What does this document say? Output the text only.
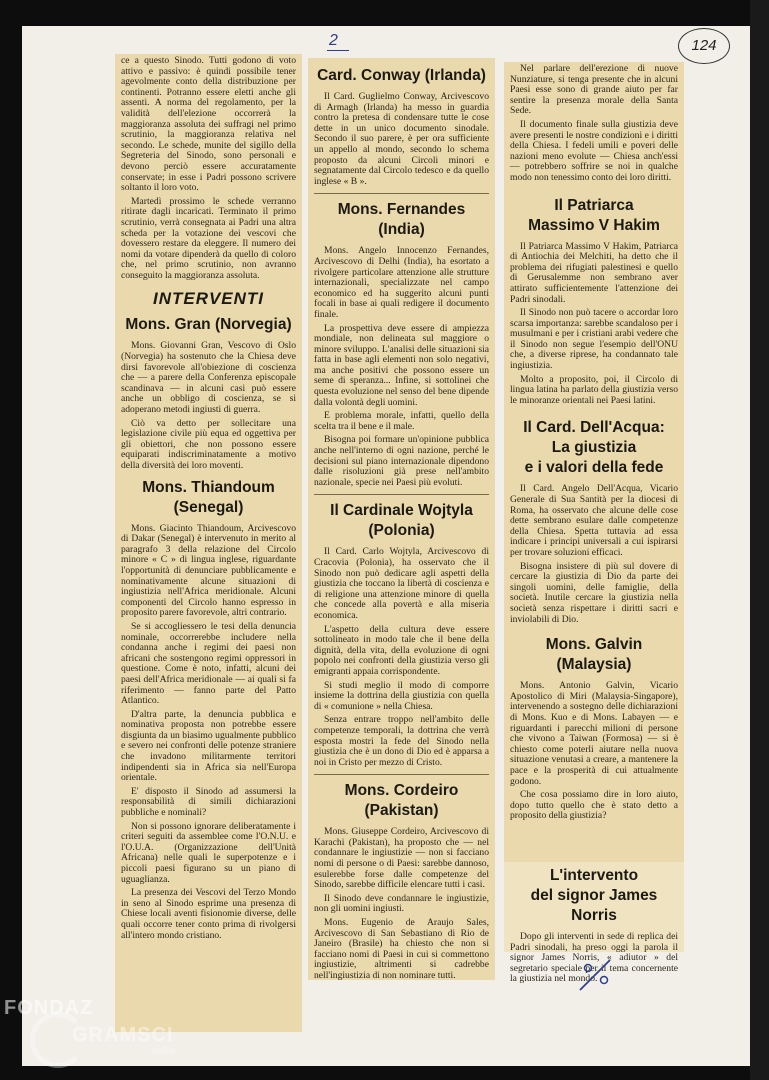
2	124

ce a questo Sinodo. Tutti godono di voto attivo e passivo: è quindi possibile tener agevolmente conto della distribuzione per continenti. Potranno essere eletti anche gli assenti. A norma del regolamento, per la validità dell'elezione occorrerà la maggioranza assoluta dei suffragi nel primo scrutinio, la maggioranza relativa nel secondo. Le schede, munite del sigillo della Segreteria del Sinodo, sono personali e devono perciò essere accuratamente conservate; in esse i Padri possono scrivere soltanto il loro voto.

Martedì prossimo le schede verranno ritirate dagli incaricati. Terminato il primo scrutinio, verrà consegnata ai Padri una altra scheda per la votazione dei vescovi che dovessero restare da eleggere. Il numero dei nomi da votare dipenderà da quello di coloro che, nel primo scrutinio, non avranno conseguito la maggioranza assoluta.

INTERVENTI
Mons. Gran (Norvegia)

Mons. Giovanni Gran, Vescovo di Oslo (Norvegia) ha sostenuto che la Chiesa deve dirsi favorevole all'obiezione di coscienza che — a parere della Conferenza episcopale scandinava — in alcuni casi può essere anche un obbligo di coscienza, se si adoperano metodi ingiusti di guerra.

Ciò va detto per sollecitare una legislazione civile più equa ed oggettiva per gli obiettori, che non possono essere equiparati indiscriminatamente a motivo della diversità dei loro moventi.

Mons. Thiandoum (Senegal)

Mons. Giacinto Thiandoum, Arcivescovo di Dakar (Senegal) è intervenuto in merito al paragrafo 3 della relazione del Circolo minore « C » di lingua inglese, riguardante l'opportunità di denunciare pubblicamente e nominativamente alcune situazioni di ingiustizia nell'Africa meridionale. Alcuni componenti del Circolo hanno espresso in proposito parere favorevole, altri contrario.

Se si accogliessero le tesi della denuncia nominale, occorrerebbe includere nella condanna anche i regimi dei paesi non africani che sostengono regimi oppressori in questione. Come è noto, infatti, alcuni dei paesi dell'Africa meridionale — ai quali si fa riferimento — fanno parte del Patto Atlantico.

D'altra parte, la denuncia pubblica e nominativa proposta non potrebbe essere disgiunta da un biasimo ugualmente pubblico e severo nei confronti delle potenze straniere che invadono militarmente territori indipendenti sia in Africa sia nell'Europa orientale.

E' disposto il Sinodo ad assumersi la responsabilità di simili dichiarazioni pubbliche e nominali?

Non si possono ignorare deliberatamente i criteri seguiti da assemblee come l'O.N.U. e l'O.U.A. (Organizzazione dell'Unità Africana) nelle quali le superpotenze e i piccoli paesi figurano su un piano di uguaglianza.

La presenza dei Vescovi del Terzo Mondo in seno al Sinodo esprime una presenza di Chiese locali aventi fisionomie diverse, delle quali occorre tener conto prima di rivolgersi all'intero mondo cristiano.

Card. Conway (Irlanda)

Il Card. Guglielmo Conway, Arcivescovo di Armagh (Irlanda) ha messo in guardia contro la pretesa di condensare tutte le cose dette in un unico documento sinodale. Secondo il suo parere, è per ora sufficiente un appello al mondo, secondo lo schema proposto da alcuni Circoli minori e segnatamente dal Circolo tedesco e da quello inglese « B ».

Mons. Fernandes (India)

Mons. Angelo Innocenzo Fernandes, Arcivescovo di Delhi (India), ha esortato a rivolgere particolare attenzione alle strutture internazionali, specializzate nel campo economico ed ha suggerito alcuni punti focali in base ai quali redigere il documento finale.

La prospettiva deve essere di ampiezza mondiale, non delineata sul maggiore o minore sviluppo. L'analisi delle situazioni sia fatta in base agli elementi non solo negativi, ma anche positivi che possono essere un seme di speranza... Infine, si sottolinei che questa evoluzione nel senso del bene dipende dalla volontà degli uomini.

E problema morale, infatti, quello della scelta tra il bene e il male.

Bisogna poi formare un'opinione pubblica anche nell'interno di ogni nazione, perché le decisioni sul piano internazionale dipendono dalle risoluzioni già prese nell'ambito nazionale, specie nei Paesi più evoluti.

Il Cardinale Wojtyla (Polonia)

Il Card. Carlo Wojtyla, Arcivescovo di Cracovia (Polonia), ha osservato che il Sinodo non può dedicare agli aspetti della giustizia che toccano la libertà di coscienza e di religione una attenzione minore di quella che concede alla povertà e alla miseria economica.

L'aspetto della cultura deve essere sottolineato in modo tale che il bene della dignità, della vita, della evoluzione di ogni popolo nei confronti della giustizia verso gli emigranti appaia corrispondente.

Si studi meglio il modo di comporre insieme la dottrina della giustizia con quella di « comunione » nella Chiesa.

Senza entrare troppo nell'ambito delle competenze temporali, la dottrina che verrà esposta mostri la fede del Sinodo nella giustizia che è un dono di Dio ed è apparsa a noi in Cristo per mezzo di Cristo.

Mons. Cordeiro (Pakistan)

Mons. Giuseppe Cordeiro, Arcivescovo di Karachi (Pakistan), ha proposto che — nel condannare le ingiustizie — non si facciano nomi di persone o di Paesi: sarebbe dannoso, esulerebbe forse dalle competenze del Sinodo, sarebbe difficile elencare tutti i casi.

Il Sinodo deve condannare le ingiustizie, non gli uomini ingiusti.

Mons. Eugenio de Araujo Sales, Arcivescovo di San Sebastiano di Rio de Janeiro (Brasile) ha chiesto che non si facciano nomi di Paesi in cui si commettono ingiustizie, altrimenti si cadrebbe nell'ingiustizia di non nominare tutti.

Nel parlare dell'erezione di nuove Nunziature, si tenga presente che in alcuni Paesi esse sono di grande aiuto per far sentire la presenza morale della Santa Sede.

Il documento finale sulla giustizia deve avere presenti le nostre condizioni e i diritti della Chiesa. I fedeli umili e poveri delle nazioni meno evolute — Chiesa anch'essi — potrebbero soffrire se noi in qualche modo non tenessimo conto dei loro diritti.

Il Patriarca
Massimo V Hakim

Il Patriarca Massimo V Hakim, Patriarca di Antiochia dei Melchiti, ha detto che il problema dei rifugiati palestinesi e quello di Gerusalemme non sembrano aver attirato sufficientemente l'attenzione dei Padri sinodali.

Il Sinodo non può tacere o accordar loro scarsa importanza: sarebbe scandaloso per i musulmani e per i cristiani arabi vedere che il Sinodo non segue l'esempio dell'ONU che, a diverse riprese, ha condannato tale ingiustizia.

Molto a proposito, poi, il Circolo di lingua latina ha parlato della giustizia verso le minoranze orientali nei Paesi latini.

Il Card. Dell'Acqua:
La giustizia
e i valori della fede

Il Card. Angelo Dell'Acqua, Vicario Generale di Sua Santità per la diocesi di Roma, ha osservato che alcune delle cose dette sembrano esulare dalle competenze della Chiesa. Spetta tuttavia ad essa indicare i principi universali a cui ispirarsi per trovare soluzioni efficaci.

Bisogna insistere di più sul dovere di cercare la giustizia di Dio da parte dei singoli uomini, delle famiglie, della società. Inutile cercare la giustizia nella società senza rispettare i diritti sacri e inviolabili di Dio.

Mons. Galvin (Malaysia)

Mons. Antonio Galvin, Vicario Apostolico di Miri (Malaysia-Singapore), intervenendo a sostegno delle dichiarazioni di Mons. Kuo e di Mons. Labayen — e riguardanti i parecchi milioni di persone che vivono a Taiwan (Formosa) — si è chiesto come poterli aiutare nella nuova situazione venutasi a creare, a mantenere la pace e la prosperità di cui attualmente godono.

Che cosa possiamo dire in loro aiuto, dopo tutto quello che è stato detto a proposito della giustizia?

L'intervento
del signor James Norris

Dopo gli interventi in sede di replica dei Padri sinodali, ha preso oggi la parola il signor James Norris, « adiutor » del segretario speciale per il tema concernente la giustizia nel mondo.

FONDAZ
GRAMSCI
onlus
